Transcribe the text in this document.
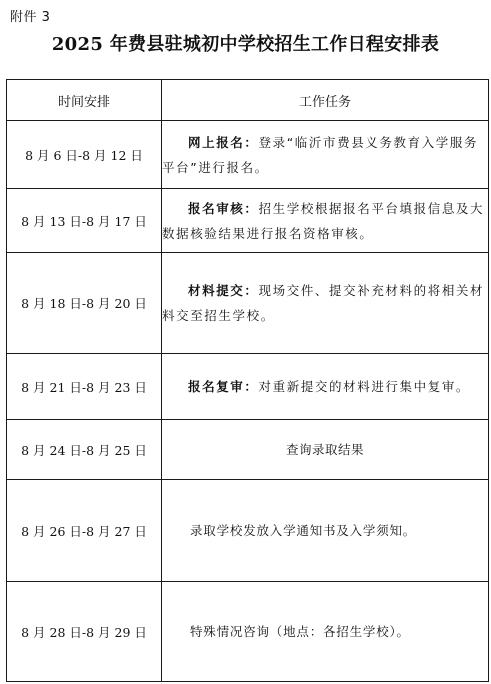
附件 3
2025 年费县驻城初中学校招生工作日程安排表
时间安排	工作任务
8 月 6 日-8 月 12 日	网上报名：登录“临沂市费县义务教育入学服务平台”进行报名。
8 月 13 日-8 月 17 日	报名审核：招生学校根据报名平台填报信息及大数据核验结果进行报名资格审核。
8 月 18 日-8 月 20 日	材料提交：现场交件、提交补充材料的将相关材料交至招生学校。
8 月 21 日-8 月 23 日	报名复审：对重新提交的材料进行集中复审。
8 月 24 日-8 月 25 日	查询录取结果
8 月 26 日-8 月 27 日	录取学校发放入学通知书及入学须知。
8 月 28 日-8 月 29 日	特殊情况咨询（地点：各招生学校）。
